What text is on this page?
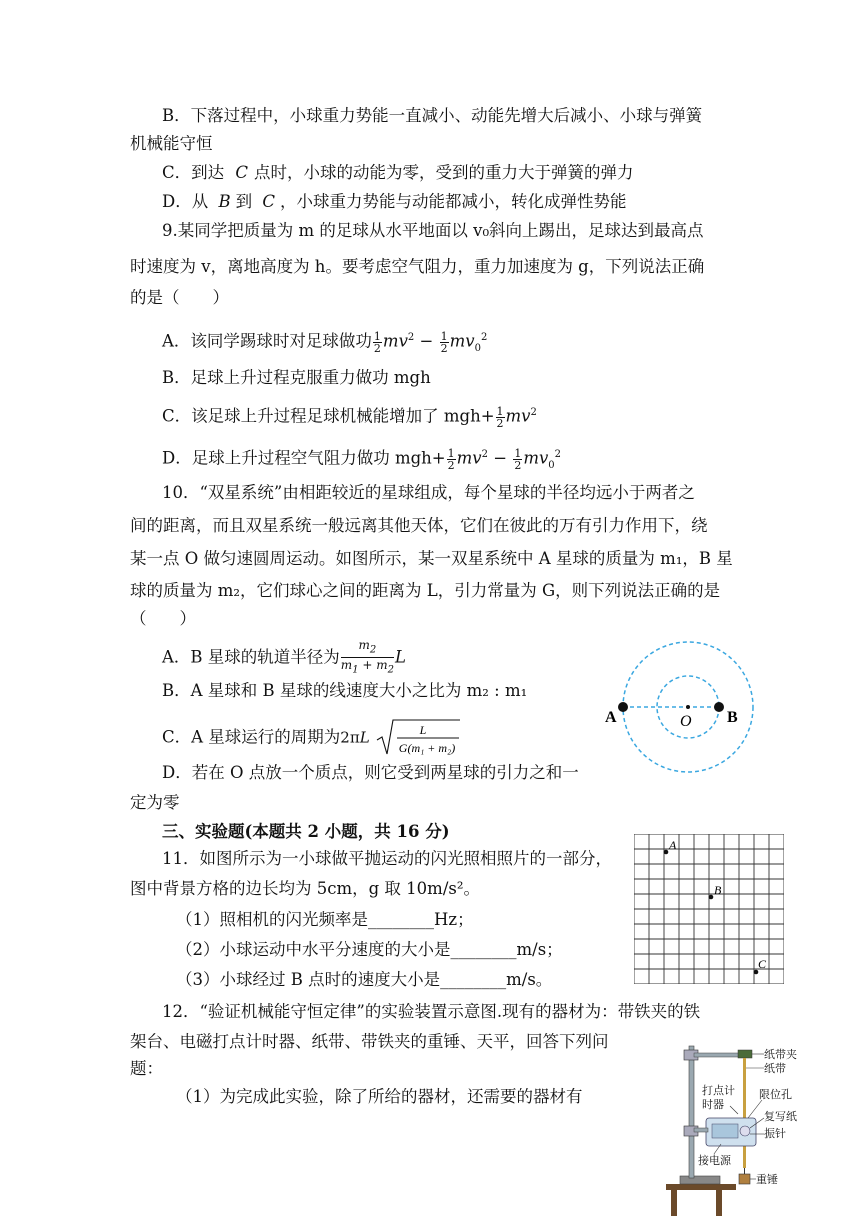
B．下落过程中，小球重力势能一直减小、动能先增大后减小、小球与弹簧
机械能守恒
C．到达 C 点时，小球的动能为零，受到的重力大于弹簧的弹力
D．从 B 到 C ，小球重力势能与动能都减小，转化成弹性势能
9.某同学把质量为 m 的足球从水平地面以 v₀斜向上踢出，足球达到最高点
时速度为 v，离地高度为 h。要考虑空气阻力，重力加速度为 g，下列说法正确
的是（　　）
A．该同学踢球时对足球做功 $\frac{1}{2} mv^2 - \frac{1}{2} mv_0^2$
B．足球上升过程克服重力做功 mgh
C．该足球上升过程足球机械能增加了 $mgh+ \frac{1}{2} mv^2$
D．足球上升过程空气阻力做功 $mgh+ \frac{1}{2} mv^2 - \frac{1}{2} mv_0^2$
10．“双星系统”由相距较近的星球组成，每个星球的半径均远小于两者之
间的距离，而且双星系统一般远离其他天体，它们在彼此的万有引力作用下，绕
某一点 O 做匀速圆周运动。如图所示，某一双星系统中 A 星球的质量为 m₁，B 星
球的质量为 m₂，它们球心之间的距离为 L，引力常量为 G，则下列说法正确的是
（　　）
A．B 星球的轨道半径为 $\frac{m_2}{m_1 + m_2}$ L
B．A 星球和 B 星球的线速度大小之比为 m₂ : m₁
C．A 星球运行的周期为2πL	L
G(m₁ + m₂)
D．若在 O 点放一个质点，则它受到两星球的引力之和一
定为零
A	B
O
三、实验题(本题共 2 小题，共 16 分)
11．如图所示为一小球做平抛运动的闪光照相照片的一部分，
图中背景方格的边长均为 5cm，g 取 10m/s²。
（1）照相机的闪光频率是________Hz；
（2）小球运动中水平分速度的大小是________m/s；
（3）小球经过 B 点时的速度大小是________m/s。
A
B
C
12．“验证机械能守恒定律”的实验装置示意图.现有的器材为：带铁夹的铁
架台、电磁打点计时器、纸带、带铁夹的重锤、天平，回答下列问
题：
（1）为完成此实验，除了所给的器材，还需要的器材有
纸带夹
纸带
打点计
时器
限位孔
复写纸
振针
接电源
重锤
